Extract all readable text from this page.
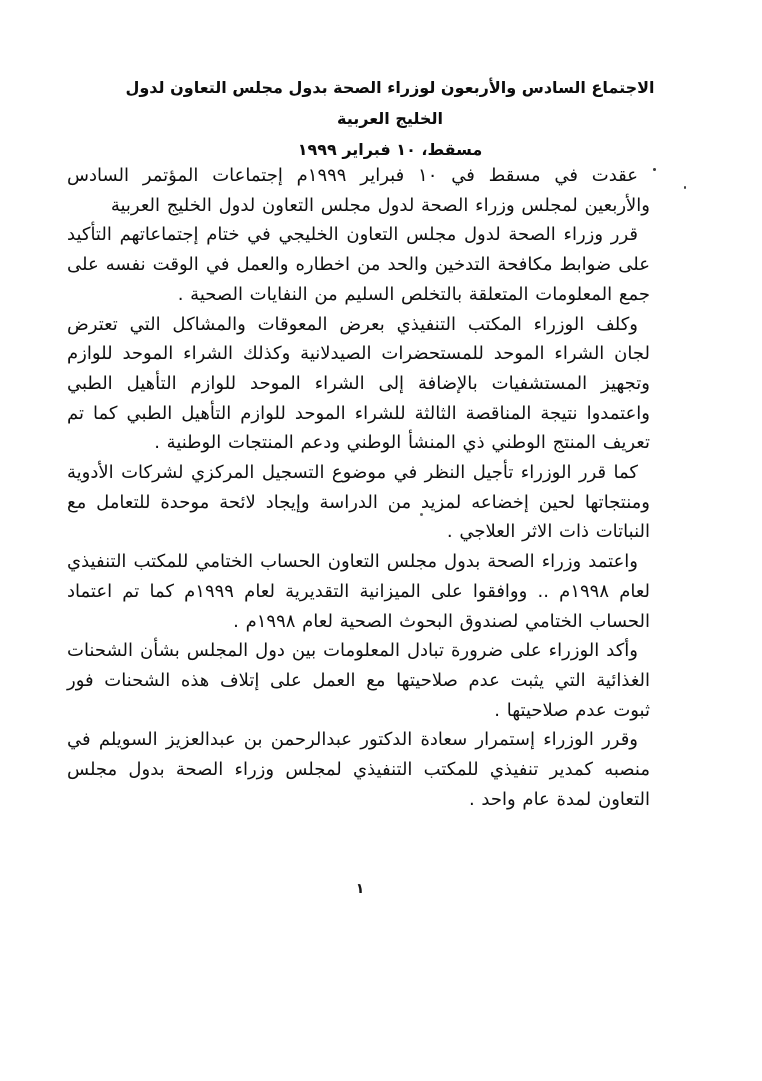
الاجتماع السادس والأربعون لوزراء الصحة بدول مجلس التعاون لدول الخليج العربية
مسقط، ١٠ فبراير ١٩٩٩

عقدت في مسقط في ١٠ فبراير ١٩٩٩م إجتماعات المؤتمر السادس والأربعين لمجلس وزراء الصحة لدول مجلس التعاون لدول الخليج العربية

قرر وزراء الصحة لدول مجلس التعاون الخليجي في ختام إجتماعاتهم التأكيد على ضوابط مكافحة التدخين والحد من اخطاره والعمل في الوقت نفسه على جمع المعلومات المتعلقة بالتخلص السليم من النفايات الصحية .

وكلف الوزراء المكتب التنفيذي بعرض المعوقات والمشاكل التي تعترض لجان الشراء الموحد للمستحضرات الصيدلانية وكذلك الشراء الموحد للوازم وتجهيز المستشفيات بالإضافة إلى الشراء الموحد للوازم التأهيل الطبي واعتمدوا نتيجة المناقصة الثالثة للشراء الموحد للوازم التأهيل الطبي كما تم تعريف المنتج الوطني ذي المنشأ الوطني ودعم المنتجات الوطنية .

كما قرر الوزراء تأجيل النظر في موضوع التسجيل المركزي لشركات الأدوية ومنتجاتها لحين إخضاعه لمزيد من الدراسة وإيجاد لائحة موحدة للتعامل مع النباتات ذات الاثر العلاجي .

واعتمد وزراء الصحة بدول مجلس التعاون الحساب الختامي للمكتب التنفيذي لعام ١٩٩٨م .. ووافقوا على الميزانية التقديرية لعام ١٩٩٩م كما تم اعتماد الحساب الختامي لصندوق البحوث الصحية لعام ١٩٩٨م .

وأكد الوزراء على ضرورة تبادل المعلومات بين دول المجلس بشأن الشحنات الغذائية التي يثبت عدم صلاحيتها مع العمل على إتلاف هذه الشحنات فور ثبوت عدم صلاحيتها .

وقرر الوزراء إستمرار سعادة الدكتور عبدالرحمن بن عبدالعزيز السويلم في منصبه كمدير تنفيذي للمكتب التنفيذي لمجلس وزراء الصحة بدول مجلس التعاون لمدة عام واحد .

١
